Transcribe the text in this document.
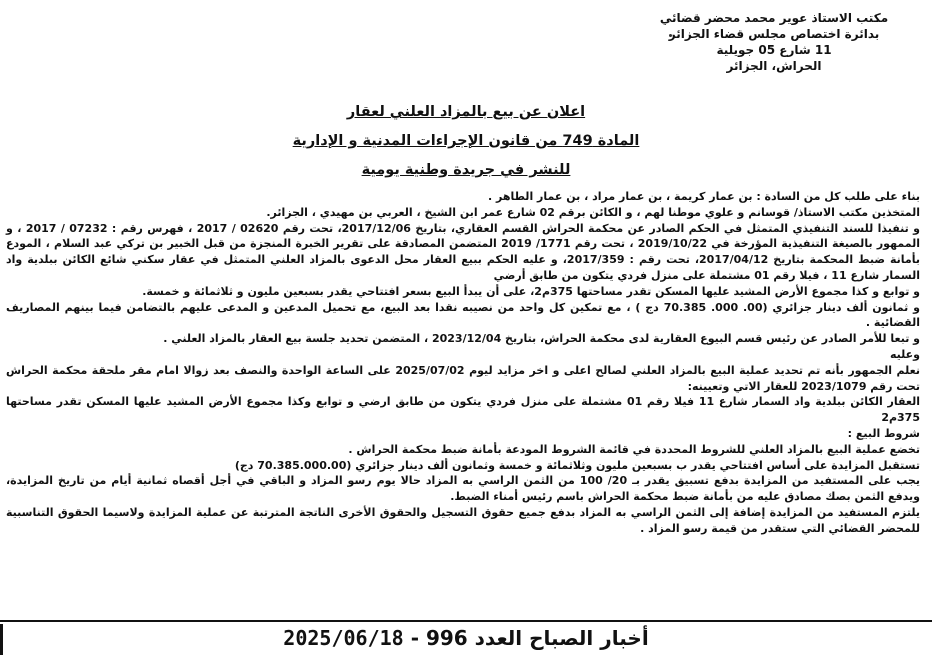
مكتب الاستاذ عوير محمد محضر قضائي
بدائرة اختصاص مجلس قضاء الجزائر
11 شارع 05 جويلية
الحراش، الجزائر
اعلان عن بيع بالمزاد العلني لعقار
المادة 749 من قانون الإجراءات المدنية و الإدارية
للنشر في جريدة وطنية يومية

بناء على طلب كل من السادة : بن عمار كريمة ، بن عمار مراد ، بن عمار الطاهر .

المتخذين مكتب الاستاذ/ قوسانم و علوي موطنا لهم ، و الكائن برقم 02 شارع عمر ابن الشيخ ، العربي بن مهيدي ، الجزائر.

و تنفيذا للسند التنفيذي المتمثل في الحكم الصادر عن محكمة الحراش القسم العقاري، بتاريخ 2017/12/06، تحت رقم 02620 / 2017 ، فهرس رقم : 07232 / 2017 ، و الممهور بالصيغة التنفيذية المؤرخة في 2019/10/22 ، تحت رقم 1771/ 2019 المتضمن المصادقة على تقرير الخبرة المنجزة من قبل الخبير بن تركي عبد السلام ، المودع بأمانة ضبط المحكمة بتاريخ 2017/04/12، تحت رقم : 2017/359، و عليه الحكم ببيع العقار محل الدعوى بالمزاد العلني المتمثل في عقار سكني شائع الكائن ببلدية واد السمار شارع 11 ، فيلا رقم 01 مشتملة على منزل فردي يتكون من طابق أرضي

و توابع و كذا مجموع الأرض المشيد عليها المسكن تقدر مساحتها 375م2، على أن يبدأ البيع بسعر افتتاحي يقدر بسبعين مليون و ثلاثمائة و خمسة.

و ثمانون ألف دينار جزائري (00. 000. 70.385 دج ) ، مع تمكين كل واحد من نصيبه نقدا بعد البيع، مع تحميل المدعين و المدعى عليهم بالتضامن فيما بينهم المصاريف القضائية .

و تبعا للأمر الصادر عن رئيس قسم البيوع العقارية لدى محكمة الحراش، بتاريخ 2023/12/04 ، المتضمن تحديد جلسة بيع العقار بالمزاد العلني .

وعليه

نعلم الجمهور بأنه تم تحديد عملية البيع بالمزاد العلني لصالح اعلى و اخر مزايد ليوم 2025/07/02 على الساعة الواحدة والنصف بعد زوالا امام مقر ملحقة محكمة الحراش تحت رقم 2023/1079 للعقار الاتي وتعيينه:

العقار الكائن ببلدية واد السمار شارع 11 فيلا رقم 01 مشتملة على منزل فردي يتكون من طابق ارضي و توابع وكذا مجموع الأرض المشيد عليها المسكن تقدر مساحتها 375م2

شروط البيع :

تخضع عملية البيع بالمزاد العلني للشروط المحددة في قائمة الشروط المودعة بأمانة ضبط محكمة الحراش .

تستقبل المزايدة على أساس افتتاحي يقدر ب بسبعين مليون وثلاثمائة و خمسة وثمانون ألف دينار جزائري (70.385.000.00 دج)

يجب على المستفيد من المزايدة بدفع تسبيق يقدر بـ 20/ 100 من الثمن الراسي به المزاد حالا يوم رسو المزاد و الباقي في أجل أقصاه ثمانية أيام من تاريخ المزايدة، ويدفع الثمن بصك مصادق عليه من بأمانة ضبط محكمة الحراش باسم رئيس أمناء الضبط.

يلتزم المستفيد من المزايدة إضافة إلى الثمن الراسي به المزاد بدفع جميع حقوق التسجيل والحقوق الأخرى الناتجة المترتبة عن عملية المزايدة ولاسيما الحقوق التناسبية للمحضر القضائي التي ستقدر من قيمة رسو المزاد .

أخبار الصباح العدد 996 - 2025/06/18
